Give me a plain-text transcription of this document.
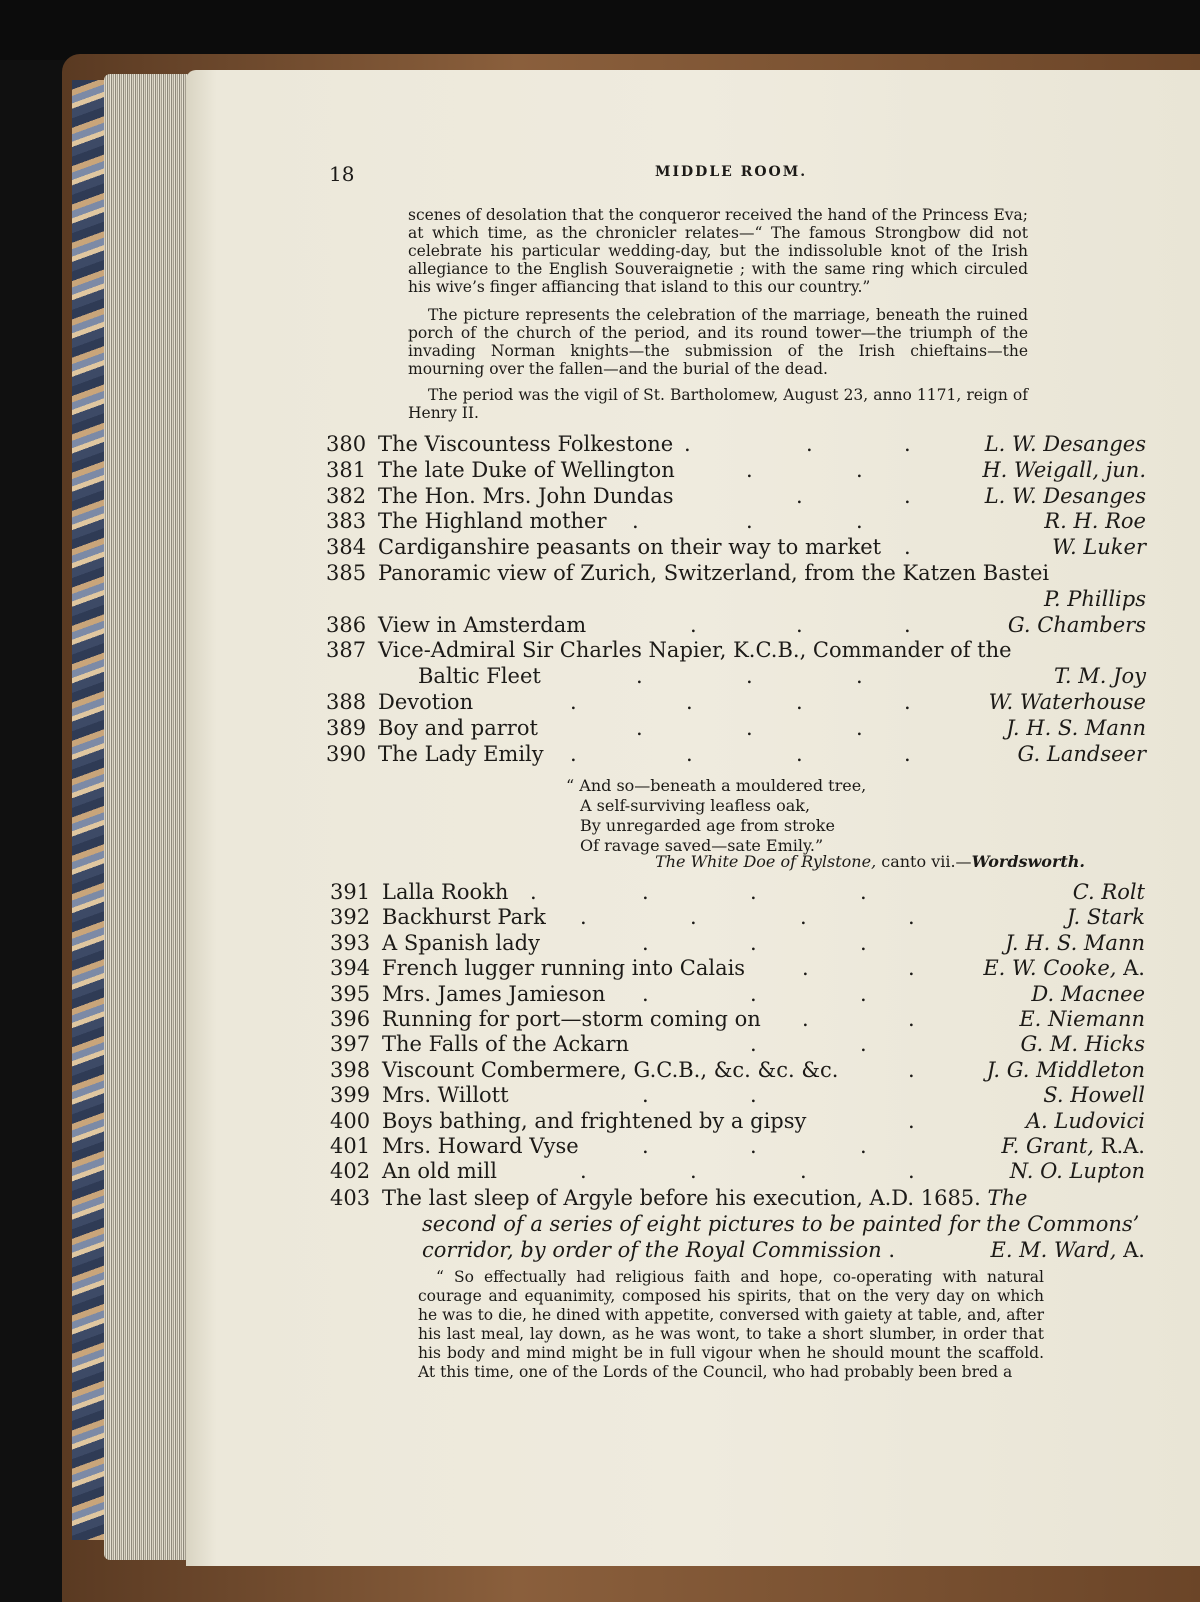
18	MIDDLE ROOM.
scenes of desolation that the conqueror received the hand of the Princess Eva; at which time, as the chronicler relates—“ The famous Strongbow did not celebrate his particular wedding-day, but the indissoluble knot of the Irish allegiance to the English Souveraignetie ; with the same ring which circuled his wive’s finger affiancing that island to this our country.”
The picture represents the celebration of the marriage, beneath the ruined porch of the church of the period, and its round tower—the triumph of the invading Norman knights—the submission of the Irish chieftains—the mourning over the fallen—and the burial of the dead.
The period was the vigil of St. Bartholomew, August 23, anno 1171, reign of Henry II.
380 The Viscountess Folkestone .	.	.	L. W. Desanges
381 The late Duke of Wellington	.	.	H. Weigall, jun.
382 The Hon. Mrs. John Dundas	.	.	L. W. Desanges
383 The Highland mother .	.	.	R. H. Roe
384 Cardiganshire peasants on their way to market .	W. Luker
385 Panoramic view of Zurich, Switzerland, from the Katzen Bastei
P. Phillips
386 View in Amsterdam	.	.	.	G. Chambers
387 Vice-Admiral Sir Charles Napier, K.C.B., Commander of the
Baltic Fleet	.	.	.	T. M. Joy
388 Devotion	.	.	.	.	W. Waterhouse
389 Boy and parrot	.	.	.	J. H. S. Mann
390 The Lady Emily .	.	.	.	G. Landseer
“ And so—beneath a mouldered tree,
A self-surviving leafless oak,
By unregarded age from stroke
Of ravage saved—sate Emily.”
The White Doe of Rylstone, canto vii.—Wordsworth.
391 Lalla Rookh .	.	.	.	C. Rolt
392 Backhurst Park .	.	.	.	J. Stark
393 A Spanish lady	.	.	.	J. H. S. Mann
394 French lugger running into Calais	.	.	E. W. Cooke, A.
395 Mrs. James Jamieson .	.	.	D. Macnee
396 Running for port—storm coming on .	.	E. Niemann
397 The Falls of the Ackarn	.	.	G. M. Hicks
398 Viscount Combermere, G.C.B., &c. &c. &c.	.	J. G. Middleton
399 Mrs. Willott	.	.	S. Howell
400 Boys bathing, and frightened by a gipsy	.	A. Ludovici
401 Mrs. Howard Vyse	.	.	.	F. Grant, R.A.
402 An old mill	.	.	.	.	N. O. Lupton
403 The last sleep of Argyle before his execution, A.D. 1685. The
second of a series of eight pictures to be painted for the Commons’
corridor, by order of the Royal Commission .	E. M. Ward, A.

“ So effectually had religious faith and hope, co-operating with natural courage and equanimity, composed his spirits, that on the very day on which he was to die, he dined with appetite, conversed with gaiety at table, and, after his last meal, lay down, as he was wont, to take a short slumber, in order that his body and mind might be in full vigour when he should mount the scaffold. At this time, one of the Lords of the Council, who had probably been bred a
